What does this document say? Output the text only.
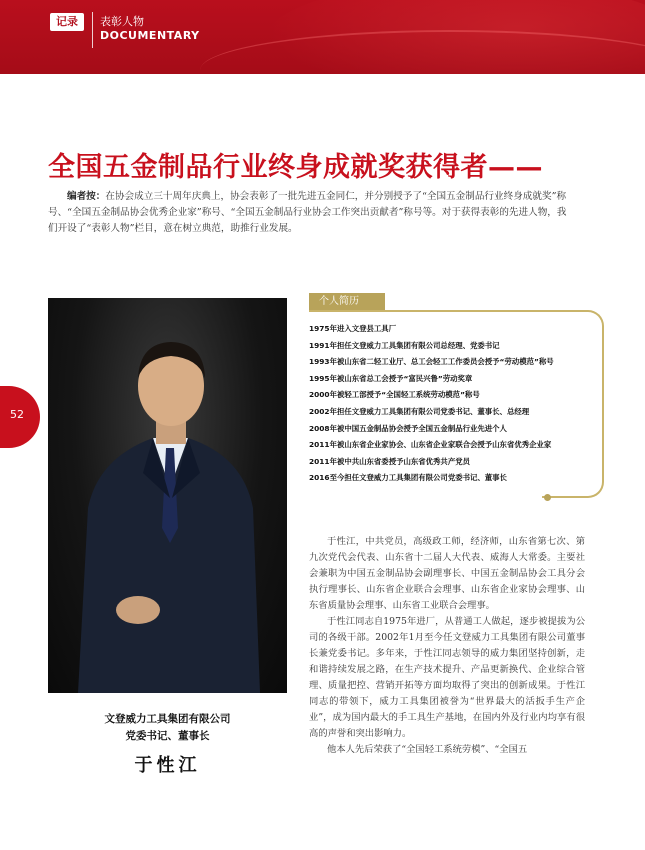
记录	表彰人物
DOCUMENTARY
全国五金制品行业终身成就奖获得者——

编者按：在协会成立三十周年庆典上，协会表彰了一批先进五金同仁，并分别授予了“全国五金制品行业终身成就奖”称号、“全国五金制品协会优秀企业家”称号、“全国五金制品行业协会工作突出贡献者”称号等。对于获得表彰的先进人物，我们开设了“表彰人物”栏目，意在树立典范，助推行业发展。

52
文登威力工具集团有限公司
党委书记、董事长
于性江
个人简历
1975年进入文登县工具厂
1991年担任文登威力工具集团有限公司总经理、党委书记
1993年被山东省二轻工业厅、总工会轻工工作委员会授予“劳动模范”称号
1995年被山东省总工会授予“富民兴鲁”劳动奖章
2000年被轻工部授予“全国轻工系统劳动模范”称号
2002年担任文登威力工具集团有限公司党委书记、董事长、总经理
2008年被中国五金制品协会授予全国五金制品行业先进个人
2011年被山东省企业家协会、山东省企业家联合会授予山东省优秀企业家
2011年被中共山东省委授予山东省优秀共产党员
2016至今担任文登威力工具集团有限公司党委书记、董事长

于性江，中共党员，高级政工师，经济师，山东省第七次、第九次党代会代表、山东省十二届人大代表、威海人大常委。主要社会兼职为中国五金制品协会副理事长、中国五金制品协会工具分会执行理事长、山东省企业联合会理事、山东省企业家协会理事、山东省质量协会理事、山东省工业联合会理事。

于性江同志自1975年进厂，从普通工人做起，逐步被提拔为公司的各级干部。2002年1月至今任文登威力工具集团有限公司董事长兼党委书记。多年来，于性江同志领导的威力集团坚持创新，走和谐持续发展之路，在生产技术提升、产品更新换代、企业综合管理、质量把控、营销开拓等方面均取得了突出的创新成果。于性江同志的带领下，威力工具集团被誉为“世界最大的活扳手生产企业”，成为国内最大的手工具生产基地，在国内外及行业内均享有很高的声誉和突出影响力。

他本人先后荣获了“全国轻工系统劳模”、“全国五
